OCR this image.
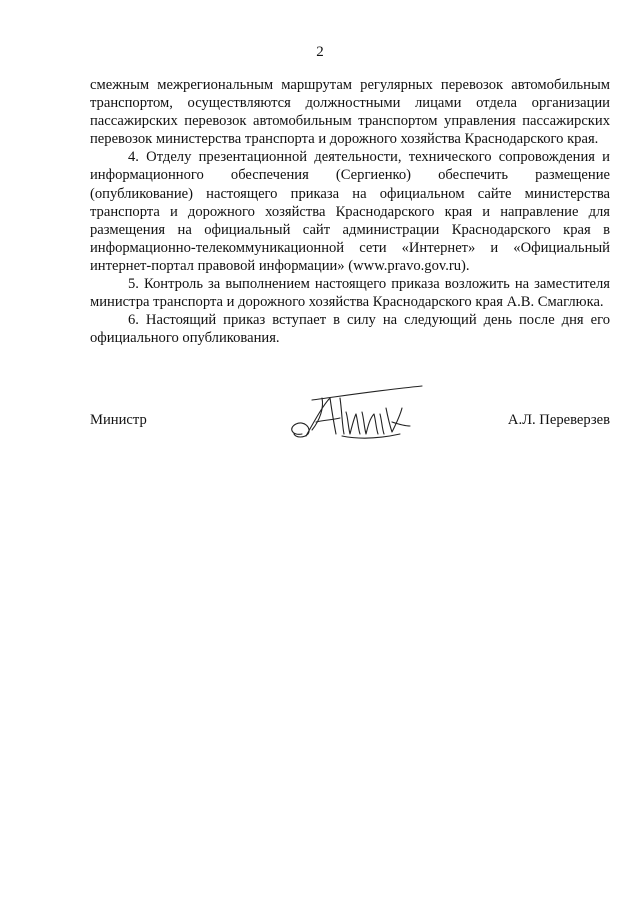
2

смежным межрегиональным маршрутам регулярных перевозок автомобильным транспортом, осуществляются должностными лицами отдела организации пассажирских перевозок автомобильным транспортом управления пассажирских перевозок министерства транспорта и дорожного хозяйства Краснодарского края.

4. Отделу презентационной деятельности, технического сопровождения и информационного обеспечения (Сергиенко) обеспечить размещение (опубликование) настоящего приказа на официальном сайте министерства транспорта и дорожного хозяйства Краснодарского края и направление для размещения на официальный сайт администрации Краснодарского края в информационно-телекоммуникационной сети «Интернет» и «Официальный интернет-портал правовой информации» (www.pravo.gov.ru).

5. Контроль за выполнением настоящего приказа возложить на заместителя министра транспорта и дорожного хозяйства Краснодарского края А.В. Смаглюка.

6. Настоящий приказ вступает в силу на следующий день после дня его официального опубликования.

Министр	А.Л. Переверзев
